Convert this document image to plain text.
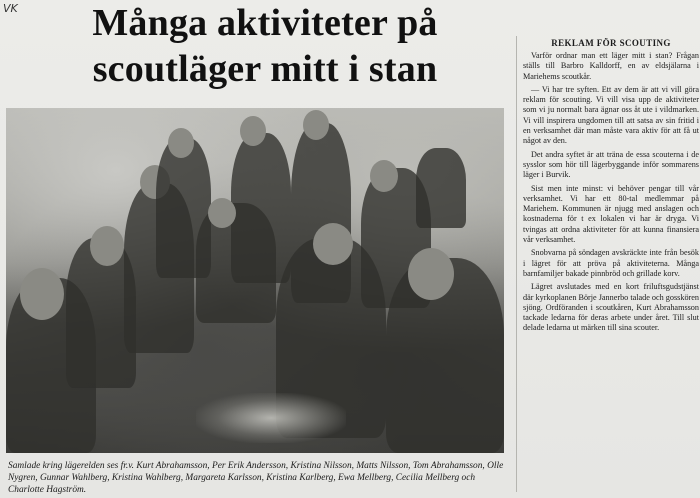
VK	Många aktiviteter på
scoutläger mitt i stan
Samlade kring lägerelden ses fr.v. Kurt Abrahamsson, Per Erik Andersson, Kristina Nilsson, Matts Nilsson, Tom Abrahamsson, Olle Nygren, Gunnar Wahlberg, Kristina Wahlberg, Margareta Karlsson, Kristina Karlberg, Ewa Mellberg, Cecilia Mellberg och Charlotte Hagström.
REKLAM FÖR SCOUTING

Varför ordnar man ett läger mitt i stan? Frågan ställs till Barbro Kalldorff, en av eldsjälarna i Mariehems scoutkår.

— Vi har tre syften. Ett av dem är att vi vill göra reklam för scouting. Vi vill visa upp de aktiviteter som vi ju normalt bara ägnar oss åt ute i vildmarken. Vi vill inspirera ungdomen till att satsa av sin fritid i en verksamhet där man måste vara aktiv för att få ut något av den.

Det andra syftet är att träna de essa scouterna i de sysslor som hör till lägerbyggande inför sommarens läger i Burvik.

Sist men inte minst: vi behöver pengar till vår verksamhet. Vi har ett 80-tal medlemmar på Mariehem. Kommunen är njugg med anslagen och kostnaderna för t ex lokalen vi har är dryga. Vi tvingas att ordna aktiviteter för att kunna finansiera vår verksamhet.

Snobvarna på söndagen avskräckte inte från besök i lägret för att pröva på aktiviteterna. Många barnfamiljer bakade pinnbröd och grillade korv.

Lägret avslutades med en kort friluftsgudstjänst där kyrkoplanen Börje Jannerbo talade och gosskören sjöng. Ordföranden i scoutkåren, Kurt Abrahamsson tackade ledarna för deras arbete under året. Till slut delade ledarna ut märken till sina scouter.
